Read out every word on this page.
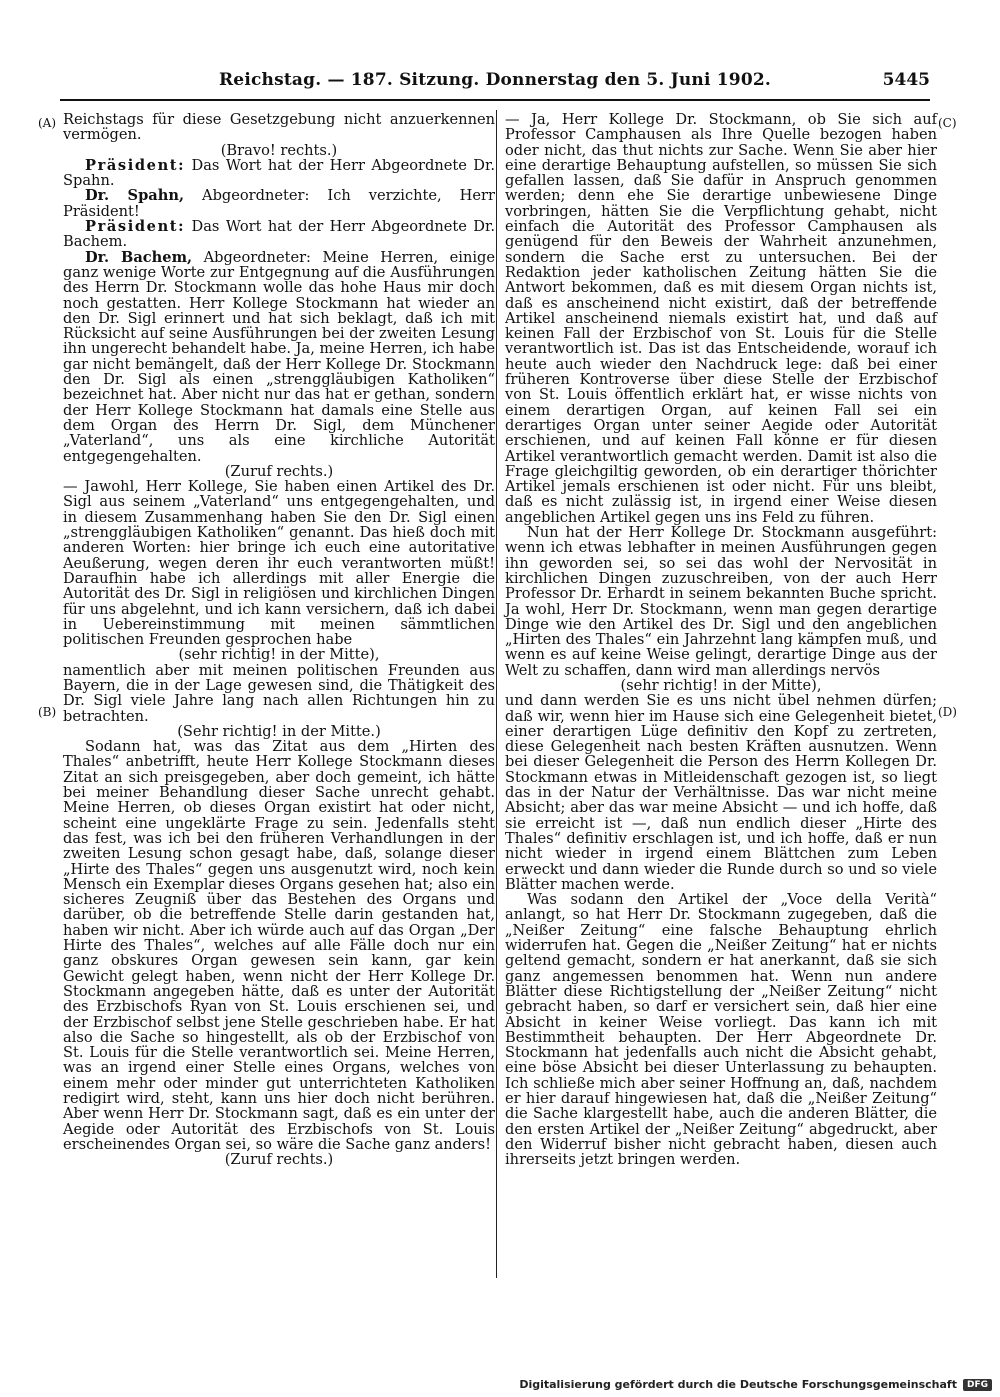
Reichstag. — 187. Sitzung. Donnerstag den 5. Juni 1902.	5445
(A)
(B)
(C)
(D)

Reichstags für diese Gesetzgebung nicht anzuerkennen vermögen.

(Bravo! rechts.)

Präsident: Das Wort hat der Herr Abgeordnete Dr. Spahn.

Dr. Spahn, Abgeordneter: Ich verzichte, Herr Präsident!

Präsident: Das Wort hat der Herr Abgeordnete Dr. Bachem.

Dr. Bachem, Abgeordneter: Meine Herren, einige ganz wenige Worte zur Entgegnung auf die Ausführungen des Herrn Dr. Stockmann wolle das hohe Haus mir doch noch gestatten. Herr Kollege Stockmann hat wieder an den Dr. Sigl erinnert und hat sich beklagt, daß ich mit Rücksicht auf seine Ausführungen bei der zweiten Lesung ihn ungerecht behandelt habe. Ja, meine Herren, ich habe gar nicht bemängelt, daß der Herr Kollege Dr. Stockmann den Dr. Sigl als einen „strenggläubigen Katholiken“ bezeichnet hat. Aber nicht nur das hat er gethan, sondern der Herr Kollege Stockmann hat damals eine Stelle aus dem Organ des Herrn Dr. Sigl, dem Münchener „Vaterland“, uns als eine kirchliche Autorität entgegengehalten.

(Zuruf rechts.)

— Jawohl, Herr Kollege, Sie haben einen Artikel des Dr. Sigl aus seinem „Vaterland“ uns entgegengehalten, und in diesem Zusammenhang haben Sie den Dr. Sigl einen „strenggläubigen Katholiken“ genannt. Das hieß doch mit anderen Worten: hier bringe ich euch eine autoritative Aeußerung, wegen deren ihr euch verantworten müßt! Daraufhin habe ich allerdings mit aller Energie die Autorität des Dr. Sigl in religiösen und kirchlichen Dingen für uns abgelehnt, und ich kann versichern, daß ich dabei in Uebereinstimmung mit meinen sämmtlichen politischen Freunden gesprochen habe

(sehr richtig! in der Mitte),

namentlich aber mit meinen politischen Freunden aus Bayern, die in der Lage gewesen sind, die Thätigkeit des Dr. Sigl viele Jahre lang nach allen Richtungen hin zu betrachten.

(Sehr richtig! in der Mitte.)

Sodann hat, was das Zitat aus dem „Hirten des Thales“ anbetrifft, heute Herr Kollege Stockmann dieses Zitat an sich preisgegeben, aber doch gemeint, ich hätte bei meiner Behandlung dieser Sache unrecht gehabt. Meine Herren, ob dieses Organ existirt hat oder nicht, scheint eine ungeklärte Frage zu sein. Jedenfalls steht das fest, was ich bei den früheren Verhandlungen in der zweiten Lesung schon gesagt habe, daß, solange dieser „Hirte des Thales“ gegen uns ausgenutzt wird, noch kein Mensch ein Exemplar dieses Organs gesehen hat; also ein sicheres Zeugniß über das Bestehen des Organs und darüber, ob die betreffende Stelle darin gestanden hat, haben wir nicht. Aber ich würde auch auf das Organ „Der Hirte des Thales“, welches auf alle Fälle doch nur ein ganz obskures Organ gewesen sein kann, gar kein Gewicht gelegt haben, wenn nicht der Herr Kollege Dr. Stockmann angegeben hätte, daß es unter der Autorität des Erzbischofs Ryan von St. Louis erschienen sei, und der Erzbischof selbst jene Stelle geschrieben habe. Er hat also die Sache so hingestellt, als ob der Erzbischof von St. Louis für die Stelle verantwortlich sei. Meine Herren, was an irgend einer Stelle eines Organs, welches von einem mehr oder minder gut unterrichteten Katholiken redigirt wird, steht, kann uns hier doch nicht berühren. Aber wenn Herr Dr. Stockmann sagt, daß es ein unter der Aegide oder Autorität des Erzbischofs von St. Louis erscheinendes Organ sei, so wäre die Sache ganz anders!

(Zuruf rechts.)

— Ja, Herr Kollege Dr. Stockmann, ob Sie sich auf Professor Camphausen als Ihre Quelle bezogen haben oder nicht, das thut nichts zur Sache. Wenn Sie aber hier eine derartige Behauptung aufstellen, so müssen Sie sich gefallen lassen, daß Sie dafür in Anspruch genommen werden; denn ehe Sie derartige unbewiesene Dinge vorbringen, hätten Sie die Verpflichtung gehabt, nicht einfach die Autorität des Professor Camphausen als genügend für den Beweis der Wahrheit anzunehmen, sondern die Sache erst zu untersuchen. Bei der Redaktion jeder katholischen Zeitung hätten Sie die Antwort bekommen, daß es mit diesem Organ nichts ist, daß es anscheinend nicht existirt, daß der betreffende Artikel anscheinend niemals existirt hat, und daß auf keinen Fall der Erzbischof von St. Louis für die Stelle verantwortlich ist. Das ist das Entscheidende, worauf ich heute auch wieder den Nachdruck lege: daß bei einer früheren Kontroverse über diese Stelle der Erzbischof von St. Louis öffentlich erklärt hat, er wisse nichts von einem derartigen Organ, auf keinen Fall sei ein derartiges Organ unter seiner Aegide oder Autorität erschienen, und auf keinen Fall könne er für diesen Artikel verantwortlich gemacht werden. Damit ist also die Frage gleichgiltig geworden, ob ein derartiger thörichter Artikel jemals erschienen ist oder nicht. Für uns bleibt, daß es nicht zulässig ist, in irgend einer Weise diesen angeblichen Artikel gegen uns ins Feld zu führen.

Nun hat der Herr Kollege Dr. Stockmann ausgeführt: wenn ich etwas lebhafter in meinen Ausführungen gegen ihn geworden sei, so sei das wohl der Nervosität in kirchlichen Dingen zuzuschreiben, von der auch Herr Professor Dr. Erhardt in seinem bekannten Buche spricht. Ja wohl, Herr Dr. Stockmann, wenn man gegen derartige Dinge wie den Artikel des Dr. Sigl und den angeblichen „Hirten des Thales“ ein Jahrzehnt lang kämpfen muß, und wenn es auf keine Weise gelingt, derartige Dinge aus der Welt zu schaffen, dann wird man allerdings nervös

(sehr richtig! in der Mitte),

und dann werden Sie es uns nicht übel nehmen dürfen; daß wir, wenn hier im Hause sich eine Gelegenheit bietet, einer derartigen Lüge definitiv den Kopf zu zertreten, diese Gelegenheit nach besten Kräften ausnutzen. Wenn bei dieser Gelegenheit die Person des Herrn Kollegen Dr. Stockmann etwas in Mitleidenschaft gezogen ist, so liegt das in der Natur der Verhältnisse. Das war nicht meine Absicht; aber das war meine Absicht — und ich hoffe, daß sie erreicht ist —, daß nun endlich dieser „Hirte des Thales“ definitiv erschlagen ist, und ich hoffe, daß er nun nicht wieder in irgend einem Blättchen zum Leben erweckt und dann wieder die Runde durch so und so viele Blätter machen werde.

Was sodann den Artikel der „Voce della Verità“ anlangt, so hat Herr Dr. Stockmann zugegeben, daß die „Neißer Zeitung“ eine falsche Behauptung ehrlich widerrufen hat. Gegen die „Neißer Zeitung“ hat er nichts geltend gemacht, sondern er hat anerkannt, daß sie sich ganz angemessen benommen hat. Wenn nun andere Blätter diese Richtigstellung der „Neißer Zeitung“ nicht gebracht haben, so darf er versichert sein, daß hier eine Absicht in keiner Weise vorliegt. Das kann ich mit Bestimmtheit behaupten. Der Herr Abgeordnete Dr. Stockmann hat jedenfalls auch nicht die Absicht gehabt, eine böse Absicht bei dieser Unterlassung zu behaupten. Ich schließe mich aber seiner Hoffnung an, daß, nachdem er hier darauf hingewiesen hat, daß die „Neißer Zeitung“ die Sache klargestellt habe, auch die anderen Blätter, die den ersten Artikel der „Neißer Zeitung“ abgedruckt, aber den Widerruf bisher nicht gebracht haben, diesen auch ihrerseits jetzt bringen werden.

Digitalisierung gefördert durch die Deutsche Forschungsgemeinschaft	DFG
